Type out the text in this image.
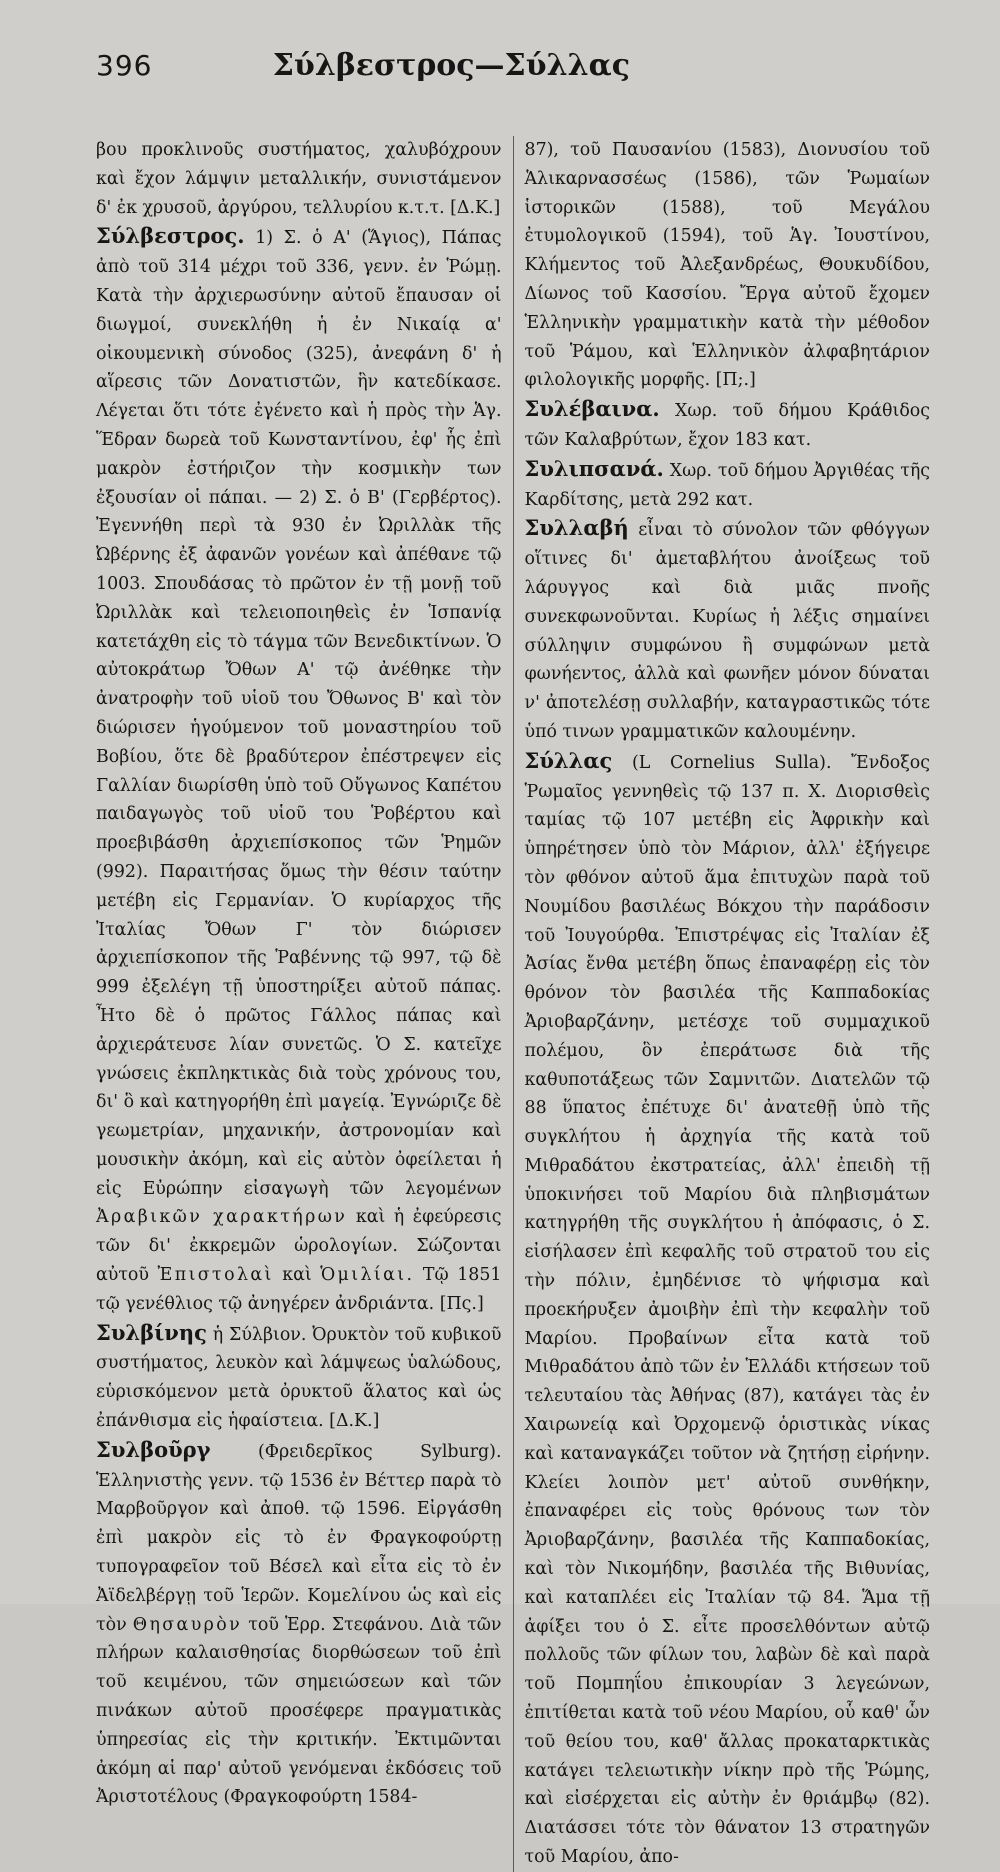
396	Σύλβεστρος—Σύλλας

βου προκλινοῦς συστήματος, χαλυβόχρουν καὶ ἔχον λάμψιν μεταλλικήν, συνιστάμενον δ' ἐκ χρυσοῦ, ἀργύρου, τελλυρίου κ.τ.τ. [Δ.Κ.]

Σύλβεστρος. 1) Σ. ὁ Α' (Ἅγιος), Πάπας ἀπὸ τοῦ 314 μέχρι τοῦ 336, γενν. ἐν Ῥώμῃ. Κατὰ τὴν ἀρχιερωσύνην αὐτοῦ ἔπαυσαν οἱ διωγμοί, συνεκλήθη ἡ ἐν Νικαίᾳ α' οἰκουμενικὴ σύνοδος (325), ἀνεφάνη δ' ἡ αἵρεσις τῶν Δονατιστῶν, ἣν κατεδίκασε. Λέγεται ὅτι τότε ἐγένετο καὶ ἡ πρὸς τὴν Ἁγ. Ἕδραν δωρεὰ τοῦ Κωνσταντίνου, ἐφ' ἧς ἐπὶ μακρὸν ἐστήριζον τὴν κοσμικὴν των ἐξουσίαν οἱ πάπαι. — 2) Σ. ὁ Β' (Γερβέρτος). Ἐγεννήθη περὶ τὰ 930 ἐν Ὠριλλὰκ τῆς Ὠβέρνης ἐξ ἀφανῶν γονέων καὶ ἀπέθανε τῷ 1003. Σπουδάσας τὸ πρῶτον ἐν τῇ μονῇ τοῦ Ὠριλλὰκ καὶ τελειοποιηθεὶς ἐν Ἱσπανίᾳ κατετάχθη εἰς τὸ τάγμα τῶν Βενεδικτίνων. Ὁ αὐτοκράτωρ Ὄθων Α' τῷ ἀνέθηκε τὴν ἀνατροφὴν τοῦ υἱοῦ του Ὄθωνος Β' καὶ τὸν διώρισεν ἡγούμενον τοῦ μοναστηρίου τοῦ Βοβίου, ὅτε δὲ βραδύτερον ἐπέστρεψεν εἰς Γαλλίαν διωρίσθη ὑπὸ τοῦ Οὔγωνος Καπέτου παιδαγωγὸς τοῦ υἱοῦ του Ῥοβέρτου καὶ προεβιβάσθη ἀρχιεπίσκοπος τῶν Ῥημῶν (992). Παραιτήσας ὅμως τὴν θέσιν ταύτην μετέβη εἰς Γερμανίαν. Ὁ κυρίαρχος τῆς Ἰταλίας Ὄθων Γ' τὸν διώρισεν ἀρχιεπίσκοπον τῆς Ῥαβέννης τῷ 997, τῷ δὲ 999 ἐξελέγη τῇ ὑποστηρίξει αὐτοῦ πάπας. Ἦτο δὲ ὁ πρῶτος Γάλλος πάπας καὶ ἀρχιεράτευσε λίαν συνετῶς. Ὁ Σ. κατεῖχε γνώσεις ἐκπληκτικὰς διὰ τοὺς χρόνους του, δι' ὃ καὶ κατηγορήθη ἐπὶ μαγείᾳ. Ἐγνώριζε δὲ γεωμετρίαν, μηχανικήν, ἀστρονομίαν καὶ μουσικὴν ἀκόμη, καὶ εἰς αὐτὸν ὀφείλεται ἡ εἰς Εὐρώπην εἰσαγωγὴ τῶν λεγομένων Ἀραβικῶν χαρακτήρων καὶ ἡ ἐφεύρεσις τῶν δι' ἐκκρεμῶν ὡρολογίων. Σώζονται αὐτοῦ Ἐπιστολαὶ καὶ Ὁμιλίαι. Τῷ 1851 τῷ γενέθλιος τῷ ἀνηγέρεν ἀνδριάντα. [Πς.]

Συλβίνης ἡ Σύλβιον. Ὀρυκτὸν τοῦ κυβικοῦ συστήματος, λευκὸν καὶ λάμψεως ὑαλώδους, εὑρισκόμενον μετὰ ὀρυκτοῦ ἅλατος καὶ ὡς ἐπάνθισμα εἰς ἡφαίστεια. [Δ.Κ.]

Συλβοῦργ (Φρειδερῖκος Sylburg). Ἑλληνιστὴς γενν. τῷ 1536 ἐν Βέττερ παρὰ τὸ Μαρβοῦργον καὶ ἀποθ. τῷ 1596. Εἰργάσθη ἐπὶ μακρὸν εἰς τὸ ἐν Φραγκοφούρτῃ τυπογραφεῖον τοῦ Βέσελ καὶ εἶτα εἰς τὸ ἐν Ἀϊδελβέργῃ τοῦ Ἱερῶν. Κομελίνου ὡς καὶ εἰς τὸν Θησαυρὸν τοῦ Ἑρρ. Στεφάνου. Διὰ τῶν πλήρων καλαισθησίας διορθώσεων τοῦ ἐπὶ τοῦ κειμένου, τῶν σημειώσεων καὶ τῶν πινάκων αὐτοῦ προσέφερε πραγματικὰς ὑπηρεσίας εἰς τὴν κριτικήν. Ἐκτιμῶνται ἀκόμη αἱ παρ' αὐτοῦ γενόμεναι ἐκδόσεις τοῦ Ἀριστοτέλους (Φραγκοφούρτη 1584-

87), τοῦ Παυσανίου (1583), Διονυσίου τοῦ Ἁλικαρνασσέως (1586), τῶν Ῥωμαίων ἱστορικῶν (1588), τοῦ Μεγάλου ἐτυμολογικοῦ (1594), τοῦ Ἁγ. Ἰουστίνου, Κλήμεντος τοῦ Ἀλεξανδρέως, Θουκυδίδου, Δίωνος τοῦ Κασσίου. Ἔργα αὐτοῦ ἔχομεν Ἑλληνικὴν γραμματικὴν κατὰ τὴν μέθοδον τοῦ Ῥάμου, καὶ Ἑλληνικὸν ἀλφαβητάριον φιλολογικῆς μορφῆς. [Π;.]

Συλέβαινα. Χωρ. τοῦ δήμου Κράθιδος τῶν Καλαβρύτων, ἔχον 183 κατ.

Συλιπσανά. Χωρ. τοῦ δήμου Ἀργιθέας τῆς Καρδίτσης, μετὰ 292 κατ.

Συλλαβή εἶναι τὸ σύνολον τῶν φθόγγων οἵτινες δι' ἀμεταβλήτου ἀνοίξεως τοῦ λάρυγγος καὶ διὰ μιᾶς πνοῆς συνεκφωνοῦνται. Κυρίως ἡ λέξις σημαίνει σύλληψιν συμφώνου ἢ συμφώνων μετὰ φωνήεντος, ἀλλὰ καὶ φωνῆεν μόνον δύναται ν' ἀποτελέσῃ συλλαβήν, καταγραστικῶς τότε ὑπό τινων γραμματικῶν καλουμένην.

Σύλλας (L Cornelius Sulla). Ἔνδοξος Ῥωμαῖος γεννηθεὶς τῷ 137 π. Χ. Διορισθεὶς ταμίας τῷ 107 μετέβη εἰς Ἀφρικὴν καὶ ὑπηρέτησεν ὑπὸ τὸν Μάριον, ἀλλ' ἐξήγειρε τὸν φθόνον αὐτοῦ ἅμα ἐπιτυχὼν παρὰ τοῦ Νουμίδου βασιλέως Βόκχου τὴν παράδοσιν τοῦ Ἰουγούρθα. Ἐπιστρέψας εἰς Ἰταλίαν ἐξ Ἀσίας ἔνθα μετέβη ὅπως ἐπαναφέρῃ εἰς τὸν θρόνον τὸν βασιλέα τῆς Καππαδοκίας Ἀριοβαρζάνην, μετέσχε τοῦ συμμαχικοῦ πολέμου, ὃν ἐπεράτωσε διὰ τῆς καθυποτάξεως τῶν Σαμνιτῶν. Διατελῶν τῷ 88 ὕπατος ἐπέτυχε δι' ἀνατεθῇ ὑπὸ τῆς συγκλήτου ἡ ἀρχηγία τῆς κατὰ τοῦ Μιθραδάτου ἐκστρατείας, ἀλλ' ἐπειδὴ τῇ ὑποκινήσει τοῦ Μαρίου διὰ πληβισμάτων κατηγρήθη τῆς συγκλήτου ἡ ἀπόφασις, ὁ Σ. εἰσήλασεν ἐπὶ κεφαλῆς τοῦ στρατοῦ του εἰς τὴν πόλιν, ἐμηδένισε τὸ ψήφισμα καὶ προεκήρυξεν ἀμοιβὴν ἐπὶ τὴν κεφαλὴν τοῦ Μαρίου. Προβαίνων εἶτα κατὰ τοῦ Μιθραδάτου ἀπὸ τῶν ἐν Ἑλλάδι κτήσεων τοῦ τελευταίου τὰς Ἀθήνας (87), κατάγει τὰς ἐν Χαιρωνείᾳ καὶ Ὀρχομενῷ ὁριστικὰς νίκας καὶ καταναγκάζει τοῦτον νὰ ζητήσῃ εἰρήνην. Κλείει λοιπὸν μετ' αὐτοῦ συνθήκην, ἐπαναφέρει εἰς τοὺς θρόνους των τὸν Ἀριοβαρζάνην, βασιλέα τῆς Καππαδοκίας, καὶ τὸν Νικομήδην, βασιλέα τῆς Βιθυνίας, καὶ καταπλέει εἰς Ἰταλίαν τῷ 84. Ἅμα τῇ ἀφίξει του ὁ Σ. εἶτε προσελθόντων αὐτῷ πολλοῦς τῶν φίλων του, λαβὼν δὲ καὶ παρὰ τοῦ Πομπηΐου ἐπικουρίαν 3 λεγεώνων, ἐπιτίθεται κατὰ τοῦ νέου Μαρίου, οὗ καθ' ὧν τοῦ θείου του, καθ' ἄλλας προκαταρκτικὰς κατάγει τελειωτικὴν νίκην πρὸ τῆς Ῥώμης, καὶ εἰσέρχεται εἰς αὐτὴν ἐν θριάμβῳ (82). Διατάσσει τότε τὸν θάνατον 13 στρατηγῶν τοῦ Μαρίου, ἀπο-
